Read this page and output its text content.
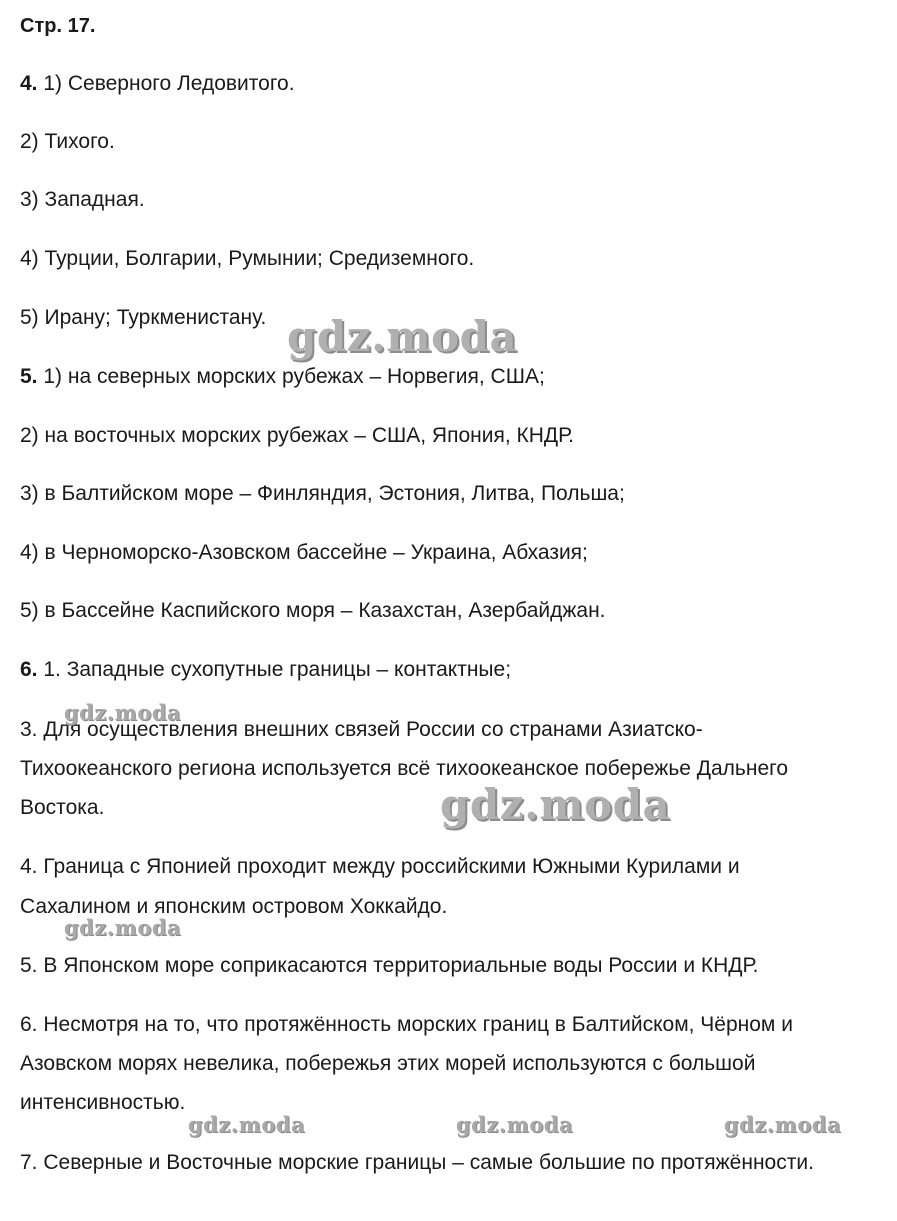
Стр. 17.
4. 1) Северного Ледовитого.
2) Тихого.
3) Западная.
4) Турции, Болгарии, Румынии; Средиземного.
5) Ирану; Туркменистану.
5. 1) на северных морских рубежах – Норвегия, США;
2) на восточных морских рубежах – США, Япония, КНДР.
3) в Балтийском море – Финляндия, Эстония, Литва, Польша;
4) в Черноморско-Азовском бассейне – Украина, Абхазия;
5) в Бассейне Каспийского моря – Казахстан, Азербайджан.
6. 1. Западные сухопутные границы – контактные;
3. Для осуществления внешних связей России со странами Азиатско-
Тихоокеанского региона используется всё тихоокеанское побережье Дальнего
Востока.
4. Граница с Японией проходит между российскими Южными Курилами и
Сахалином и японским островом Хоккайдо.
5. В Японском море соприкасаются территориальные воды России и КНДР.
6. Несмотря на то, что протяжённость морских границ в Балтийском, Чёрном и
Азовском морях невелика, побережья этих морей используются с большой
интенсивностью.
7. Северные и Восточные морские границы – самые большие по протяжённости.
gdz.moda
gdz.moda
gdz.moda
gdz.moda
gdz.moda	gdz.moda	gdz.moda
